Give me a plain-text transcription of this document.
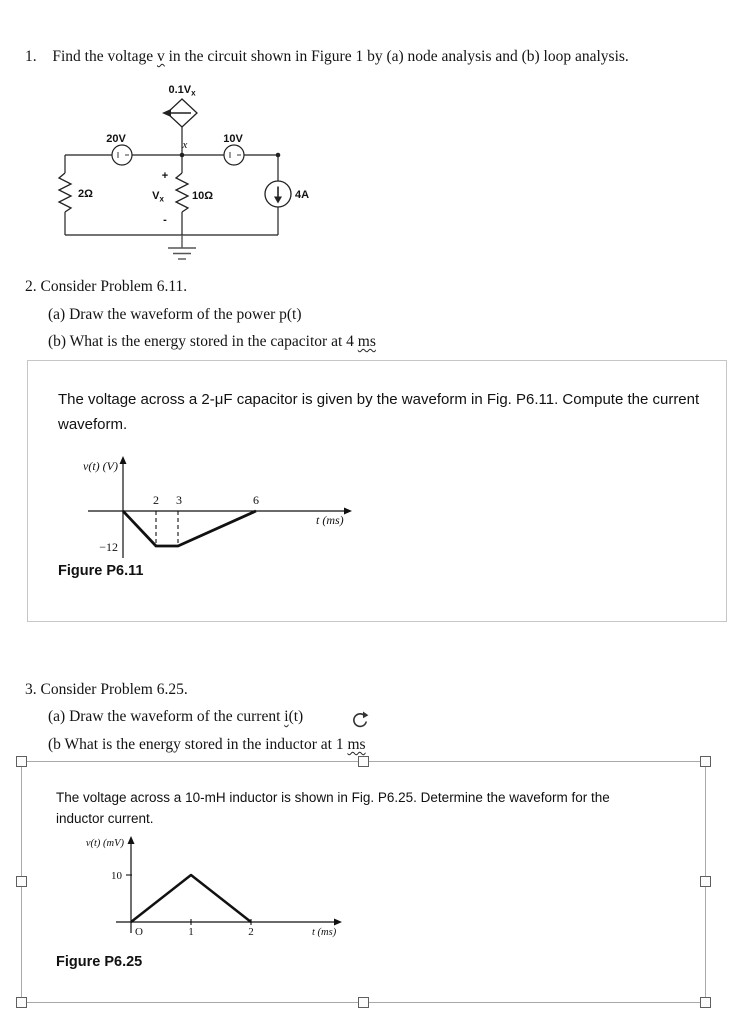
1. Find the voltage v in the circuit shown in Figure 1 by (a) node analysis and (b) loop analysis.
$0.1V_x$
20V	x	10V
2Ω
+
$V_x$
-
10Ω	4A
2. Consider Problem 6.11.
(a) Draw the waveform of the power p(t)
(b) What is the energy stored in the capacitor at 4 ms
The voltage across a 2-μF capacitor is given by the waveform in Fig. P6.11. Compute the current waveform.
v(t) (V)
t (ms)
2 3	6
−12
Figure P6.11
3. Consider Problem 6.25.
(a) Draw the waveform of the current i(t)
(b What is the energy stored in the inductor at 1 ms
The voltage across a 10-mH inductor is shown in Fig. P6.25. Determine the waveform for the inductor current.
v(t) (mV)
t (ms)
10
O	1	2
Figure P6.25
